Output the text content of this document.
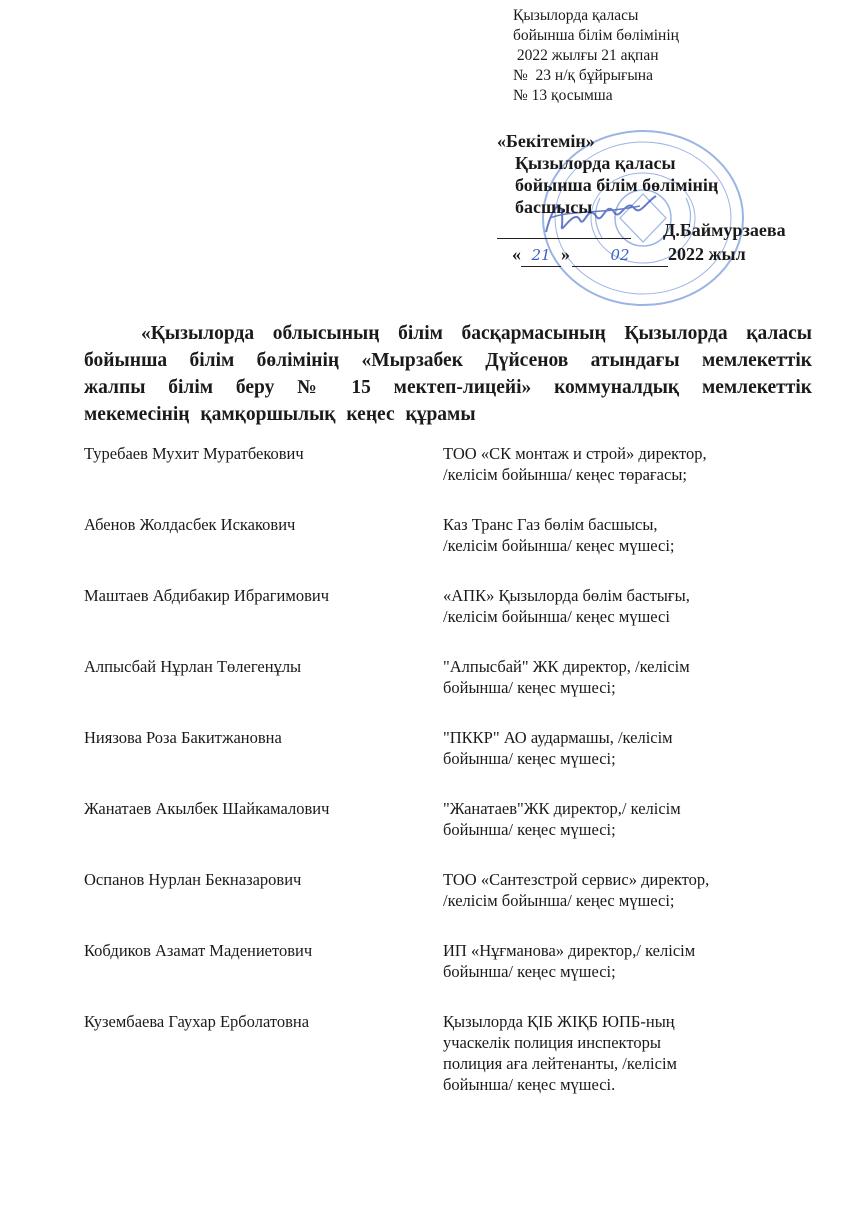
Қызылорда қаласы
бойынша білім бөлімінің
2022 жылғы 21 ақпан
№  23 н/қ бұйрығына
№ 13 қосымша
«Бекітемін»
Қызылорда қаласы
бойынша білім бөлімінің
басшысы
Д.Баймурзаева
« 21 »	02 2022 жыл
«Қызылорда облысының білім басқармасының Қызылорда қаласы бойынша білім бөлімінің «Мырзабек Дүйсенов атындағы мемлекеттік жалпы білім беру № 15 мектеп-лицейі» коммуналдық мемлекеттік мекемесінің қамқоршылық кеңес құрамы
Туребаев Мухит Муратбекович	ТОО «СК монтаж и строй» директор,
/келісім бойынша/ кеңес төрағасы;
Абенов Жолдасбек Искакович	Каз Транс Газ бөлім басшысы,
/келісім бойынша/ кеңес мүшесі;
Маштаев Абдибакир Ибрагимович	«АПК» Қызылорда бөлім бастығы,
/келісім бойынша/ кеңес мүшесі
Алпысбай Нұрлан Төлегенұлы	"Алпысбай" ЖК директор, /келісім
бойынша/ кеңес мүшесі;
Ниязова Роза Бакитжановна	"ПККР" АО аудармашы, /келісім
бойынша/ кеңес мүшесі;
Жанатаев Акылбек Шайкамалович	"Жанатаев"ЖК директор,/ келісім
бойынша/ кеңес мүшесі;
Оспанов Нурлан Бекназарович	ТОО «Сантезстрой сервис» директор,
/келісім бойынша/ кеңес мүшесі;
Кобдиков Азамат Мадениетович	ИП «Нұғманова» директор,/ келісім
бойынша/ кеңес мүшесі;
Кузембаева Гаухар Ерболатовна	Қызылорда ҚІБ ЖІҚБ ЮПБ-ның
учаскелік полиция инспекторы
полиция аға лейтенанты, /келісім
бойынша/ кеңес мүшесі.
